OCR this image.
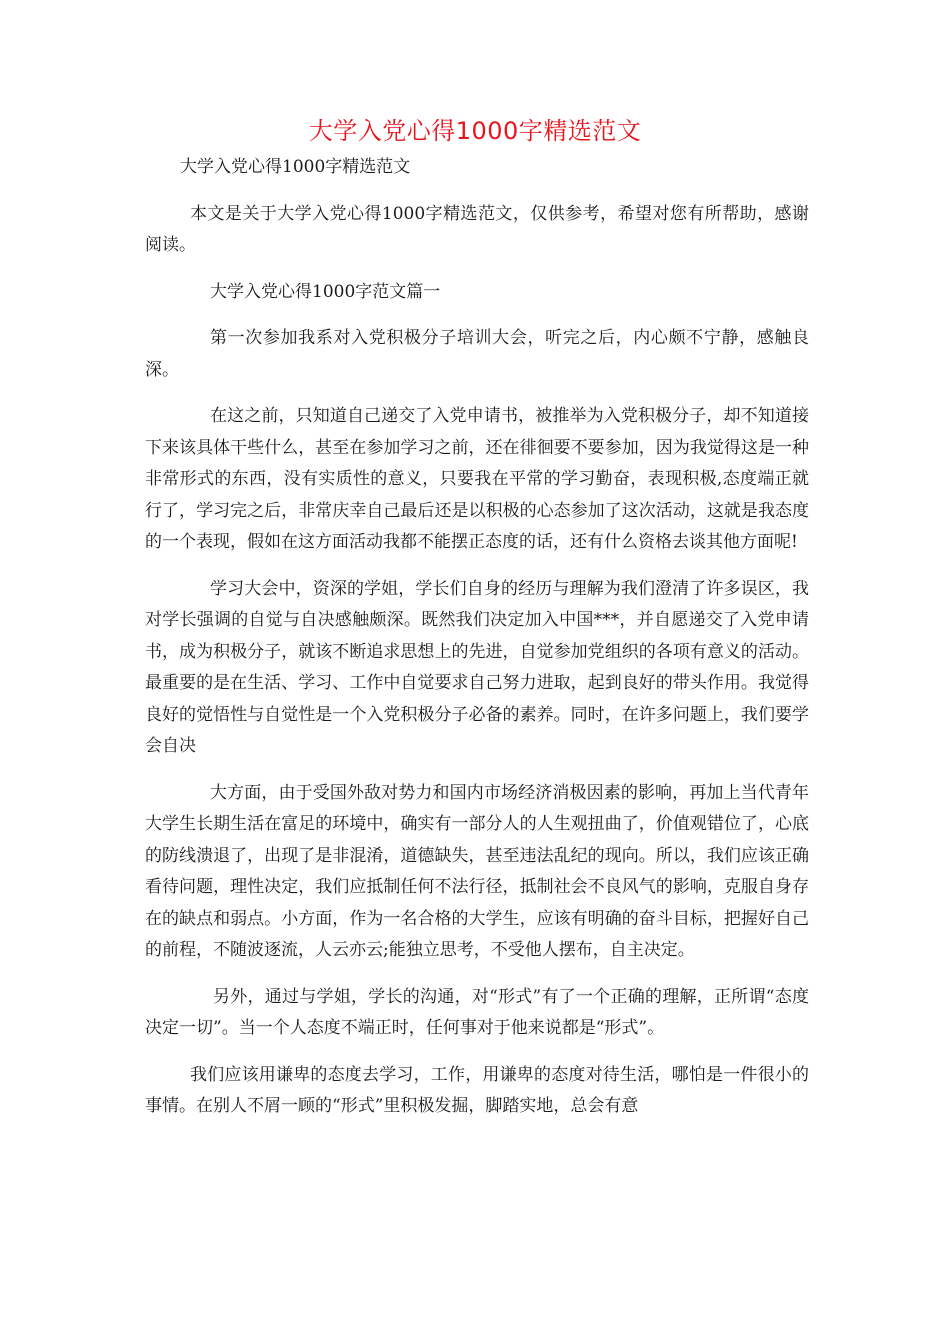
大学入党心得1000字精选范文

大学入党心得1000字精选范文

本文是关于大学入党心得1000字精选范文，仅供参考，希望对您有所帮助，感谢阅读。

大学入党心得1000字范文篇一

第一次参加我系对入党积极分子培训大会，听完之后，内心颇不宁静，感触良深。

在这之前，只知道自己递交了入党申请书，被推举为入党积极分子，却不知道接下来该具体干些什么，甚至在参加学习之前，还在徘徊要不要参加，因为我觉得这是一种非常形式的东西，没有实质性的意义，只要我在平常的学习勤奋，表现积极,态度端正就行了，学习完之后，非常庆幸自己最后还是以积极的心态参加了这次活动，这就是我态度的一个表现，假如在这方面活动我都不能摆正态度的话，还有什么资格去谈其他方面呢!

学习大会中，资深的学姐，学长们自身的经历与理解为我们澄清了许多误区，我对学长强调的自觉与自决感触颇深。既然我们决定加入中国***，并自愿递交了入党申请书，成为积极分子，就该不断追求思想上的先进，自觉参加党组织的各项有意义的活动。最重要的是在生活、学习、工作中自觉要求自己努力进取，起到良好的带头作用。我觉得良好的觉悟性与自觉性是一个入党积极分子必备的素养。同时，在许多问题上，我们要学会自决

大方面，由于受国外敌对势力和国内市场经济消极因素的影响，再加上当代青年大学生长期生活在富足的环境中，确实有一部分人的人生观扭曲了，价值观错位了，心底的防线溃退了，出现了是非混淆，道德缺失，甚至违法乱纪的现向。所以，我们应该正确看待问题，理性决定，我们应抵制任何不法行径，抵制社会不良风气的影响，克服自身存在的缺点和弱点。小方面，作为一名合格的大学生，应该有明确的奋斗目标，把握好自己的前程，不随波逐流，人云亦云;能独立思考，不受他人摆布，自主决定。

另外，通过与学姐，学长的沟通，对“形式”有了一个正确的理解，正所谓“态度决定一切”。当一个人态度不端正时，任何事对于他来说都是“形式”。

我们应该用谦卑的态度去学习，工作，用谦卑的态度对待生活，哪怕是一件很小的事情。在别人不屑一顾的“形式”里积极发掘，脚踏实地，总会有意
